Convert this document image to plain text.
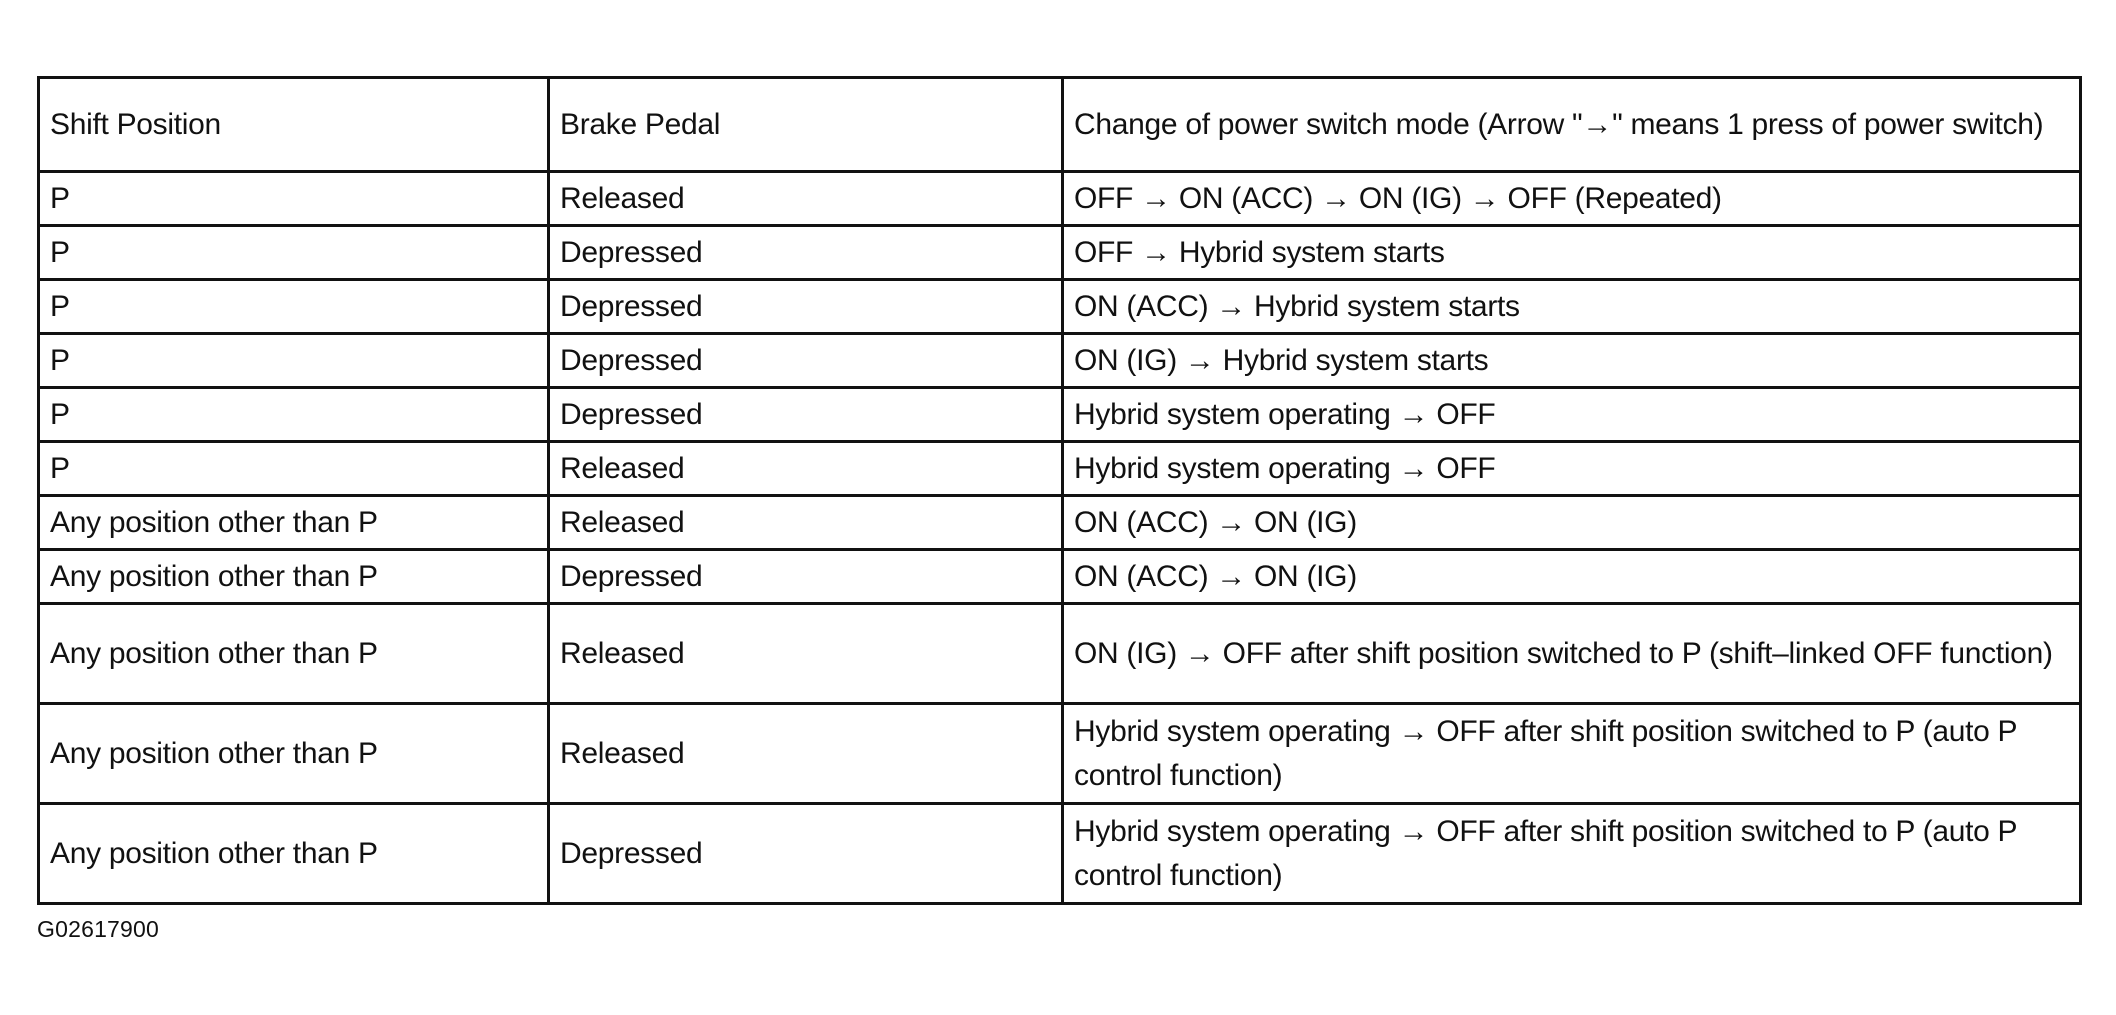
Shift Position	Brake Pedal	Change of power switch mode (Arrow "→" means 1 press of power switch)
P	Released	OFF → ON (ACC) → ON (IG) → OFF (Repeated)
P	Depressed	OFF → Hybrid system starts
P	Depressed	ON (ACC) → Hybrid system starts
P	Depressed	ON (IG) → Hybrid system starts
P	Depressed	Hybrid system operating → OFF
P	Released	Hybrid system operating → OFF
Any position other than P	Released	ON (ACC) → ON (IG)
Any position other than P	Depressed	ON (ACC) → ON (IG)
Any position other than P	Released	ON (IG) → OFF after shift position switched to P (shift–linked OFF function)
Any position other than P	Released	Hybrid system operating → OFF after shift position switched to P (auto P control function)
Any position other than P	Depressed	Hybrid system operating → OFF after shift position switched to P (auto P control function)
G02617900
